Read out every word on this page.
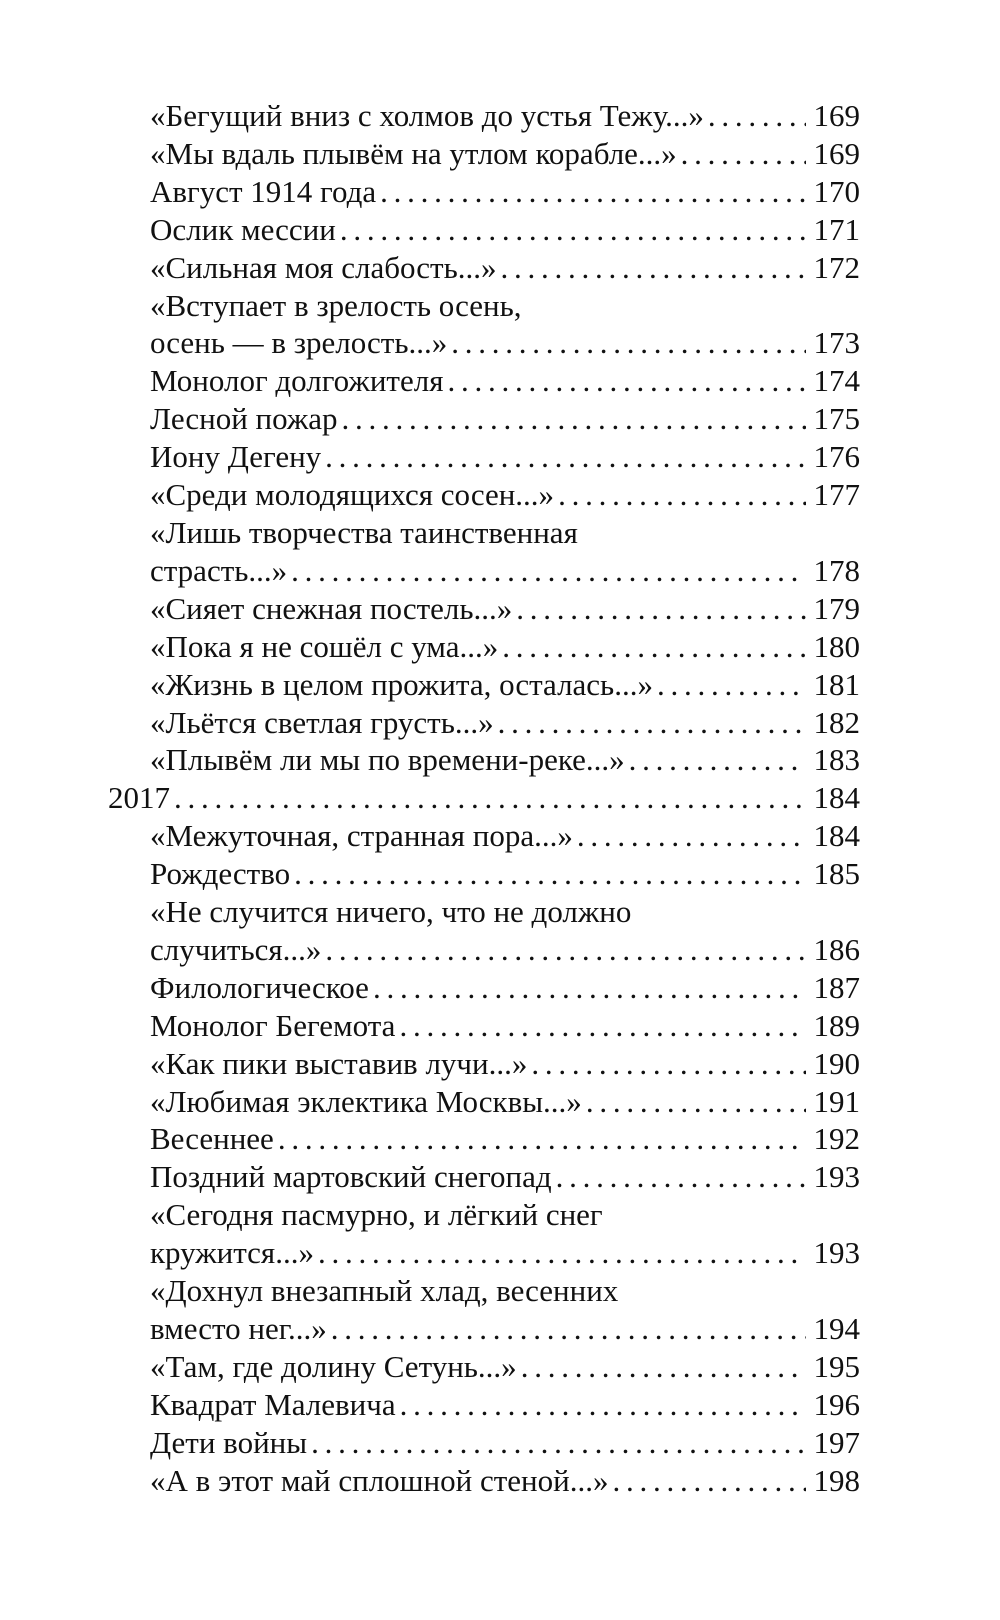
«Бегущий вниз с холмов до устья Тежу...» . . .	169
«Мы вдаль плывём на утлом корабле...» . . .	169
Август 1914 года . . .	170
Ослик мессии . . .	171
«Сильная моя слабость...» . . .	172
«Вступает в зрелость осень,
осень — в зрелость...» . . .	173
Монолог долгожителя . . .	174
Лесной пожар . . .	175
Иону Дегену . . .	176
«Среди молодящихся сосен...» . . .	177
«Лишь творчества таинственная
страсть...» . . .	178
«Сияет снежная постель...» . . .	179
«Пока я не сошёл с ума...» . . .	180
«Жизнь в целом прожита, осталась...» . . .	181
«Льётся светлая грусть...» . . .	182
«Плывём ли мы по времени-реке...» . . .	183
2017 . . .	184
«Межуточная, странная пора...» . . .	184
Рождество . . .	185
«Не случится ничего, что не должно
случиться...» . . .	186
Филологическое . . .	187
Монолог Бегемота . . .	189
«Как пики выставив лучи...» . . .	190
«Любимая эклектика Москвы...» . . .	191
Весеннее . . .	192
Поздний мартовский снегопад . . .	193
«Сегодня пасмурно, и лёгкий снег
кружится...» . . .	193
«Дохнул внезапный хлад, весенних
вместо нег...» . . .	194
«Там, где долину Сетунь...» . . .	195
Квадрат Малевича . . .	196
Дети войны . . .	197
«А в этот май сплошной стеной...» . . .	198
